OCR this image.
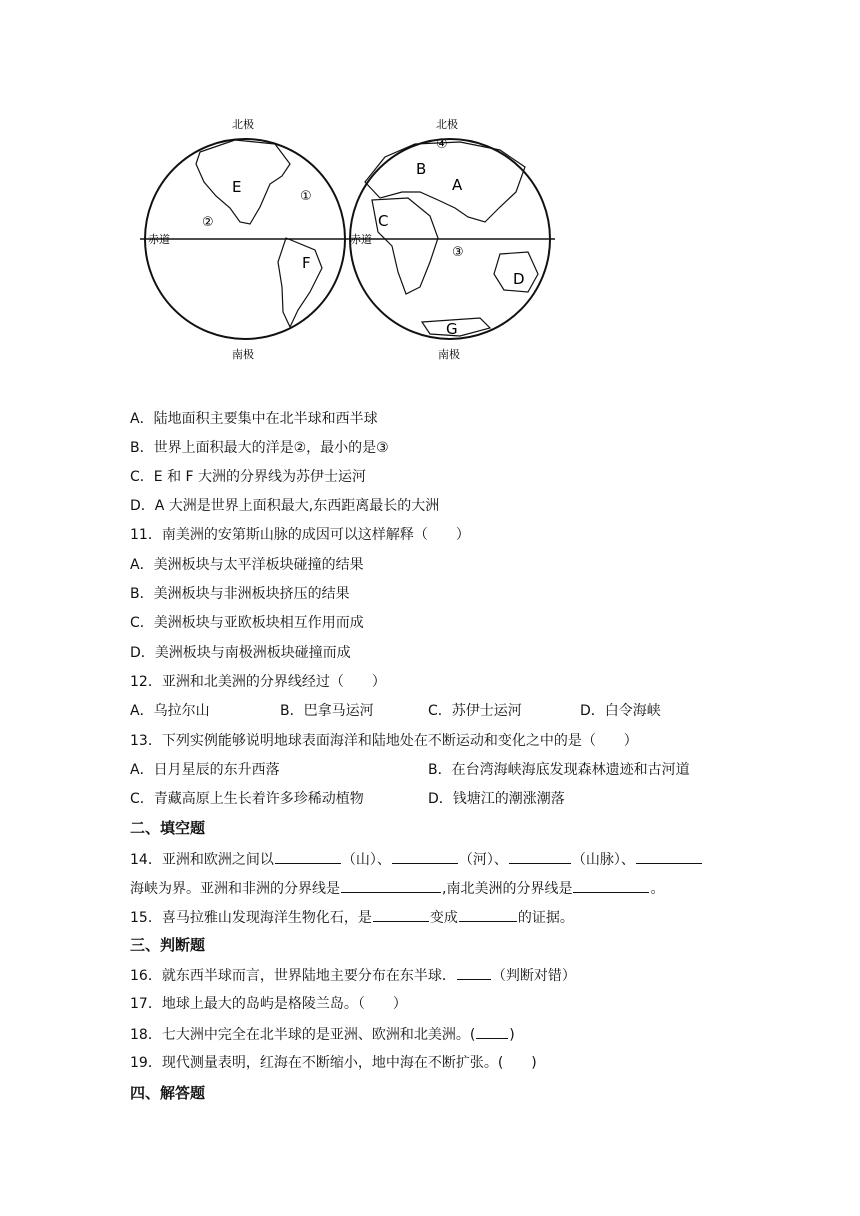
北极	北极
南极	南极
赤道	赤道
E
①
②
F
④
B
A
C
③
D
G
A．陆地面积主要集中在北半球和西半球
B．世界上面积最大的洋是②，最小的是③
C．E 和 F 大洲的分界线为苏伊士运河
D．A 大洲是世界上面积最大,东西距离最长的大洲
11．南美洲的安第斯山脉的成因可以这样解释（　　）
A．美洲板块与太平洋板块碰撞的结果
B．美洲板块与非洲板块挤压的结果
C．美洲板块与亚欧板块相互作用而成
D．美洲板块与南极洲板块碰撞而成
12．亚洲和北美洲的分界线经过（　　）
A．乌拉尔山	B．巴拿马运河	C．苏伊士运河	D．白令海峡
13．下列实例能够说明地球表面海洋和陆地处在不断运动和变化之中的是（　　）
A．日月星辰的东升西落	B．在台湾海峡海底发现森林遗迹和古河道
C．青藏高原上生长着许多珍稀动植物	D．钱塘江的潮涨潮落
二、填空题
14．亚洲和欧洲之间以	（山）、	（河）、	（山脉）、
海峡为界。亚洲和非洲的分界线是	,南北美洲的分界线是	。
15．喜马拉雅山发现海洋生物化石，是	变成	的证据。
三、判断题
16．就东西半球而言，世界陆地主要分布在东半球．	（判断对错）
17．地球上最大的岛屿是格陵兰岛。（　　）
18．七大洲中完全在北半球的是亚洲、欧洲和北美洲。( )
19．现代测量表明，红海在不断缩小，地中海在不断扩张。(　　)
四、解答题
